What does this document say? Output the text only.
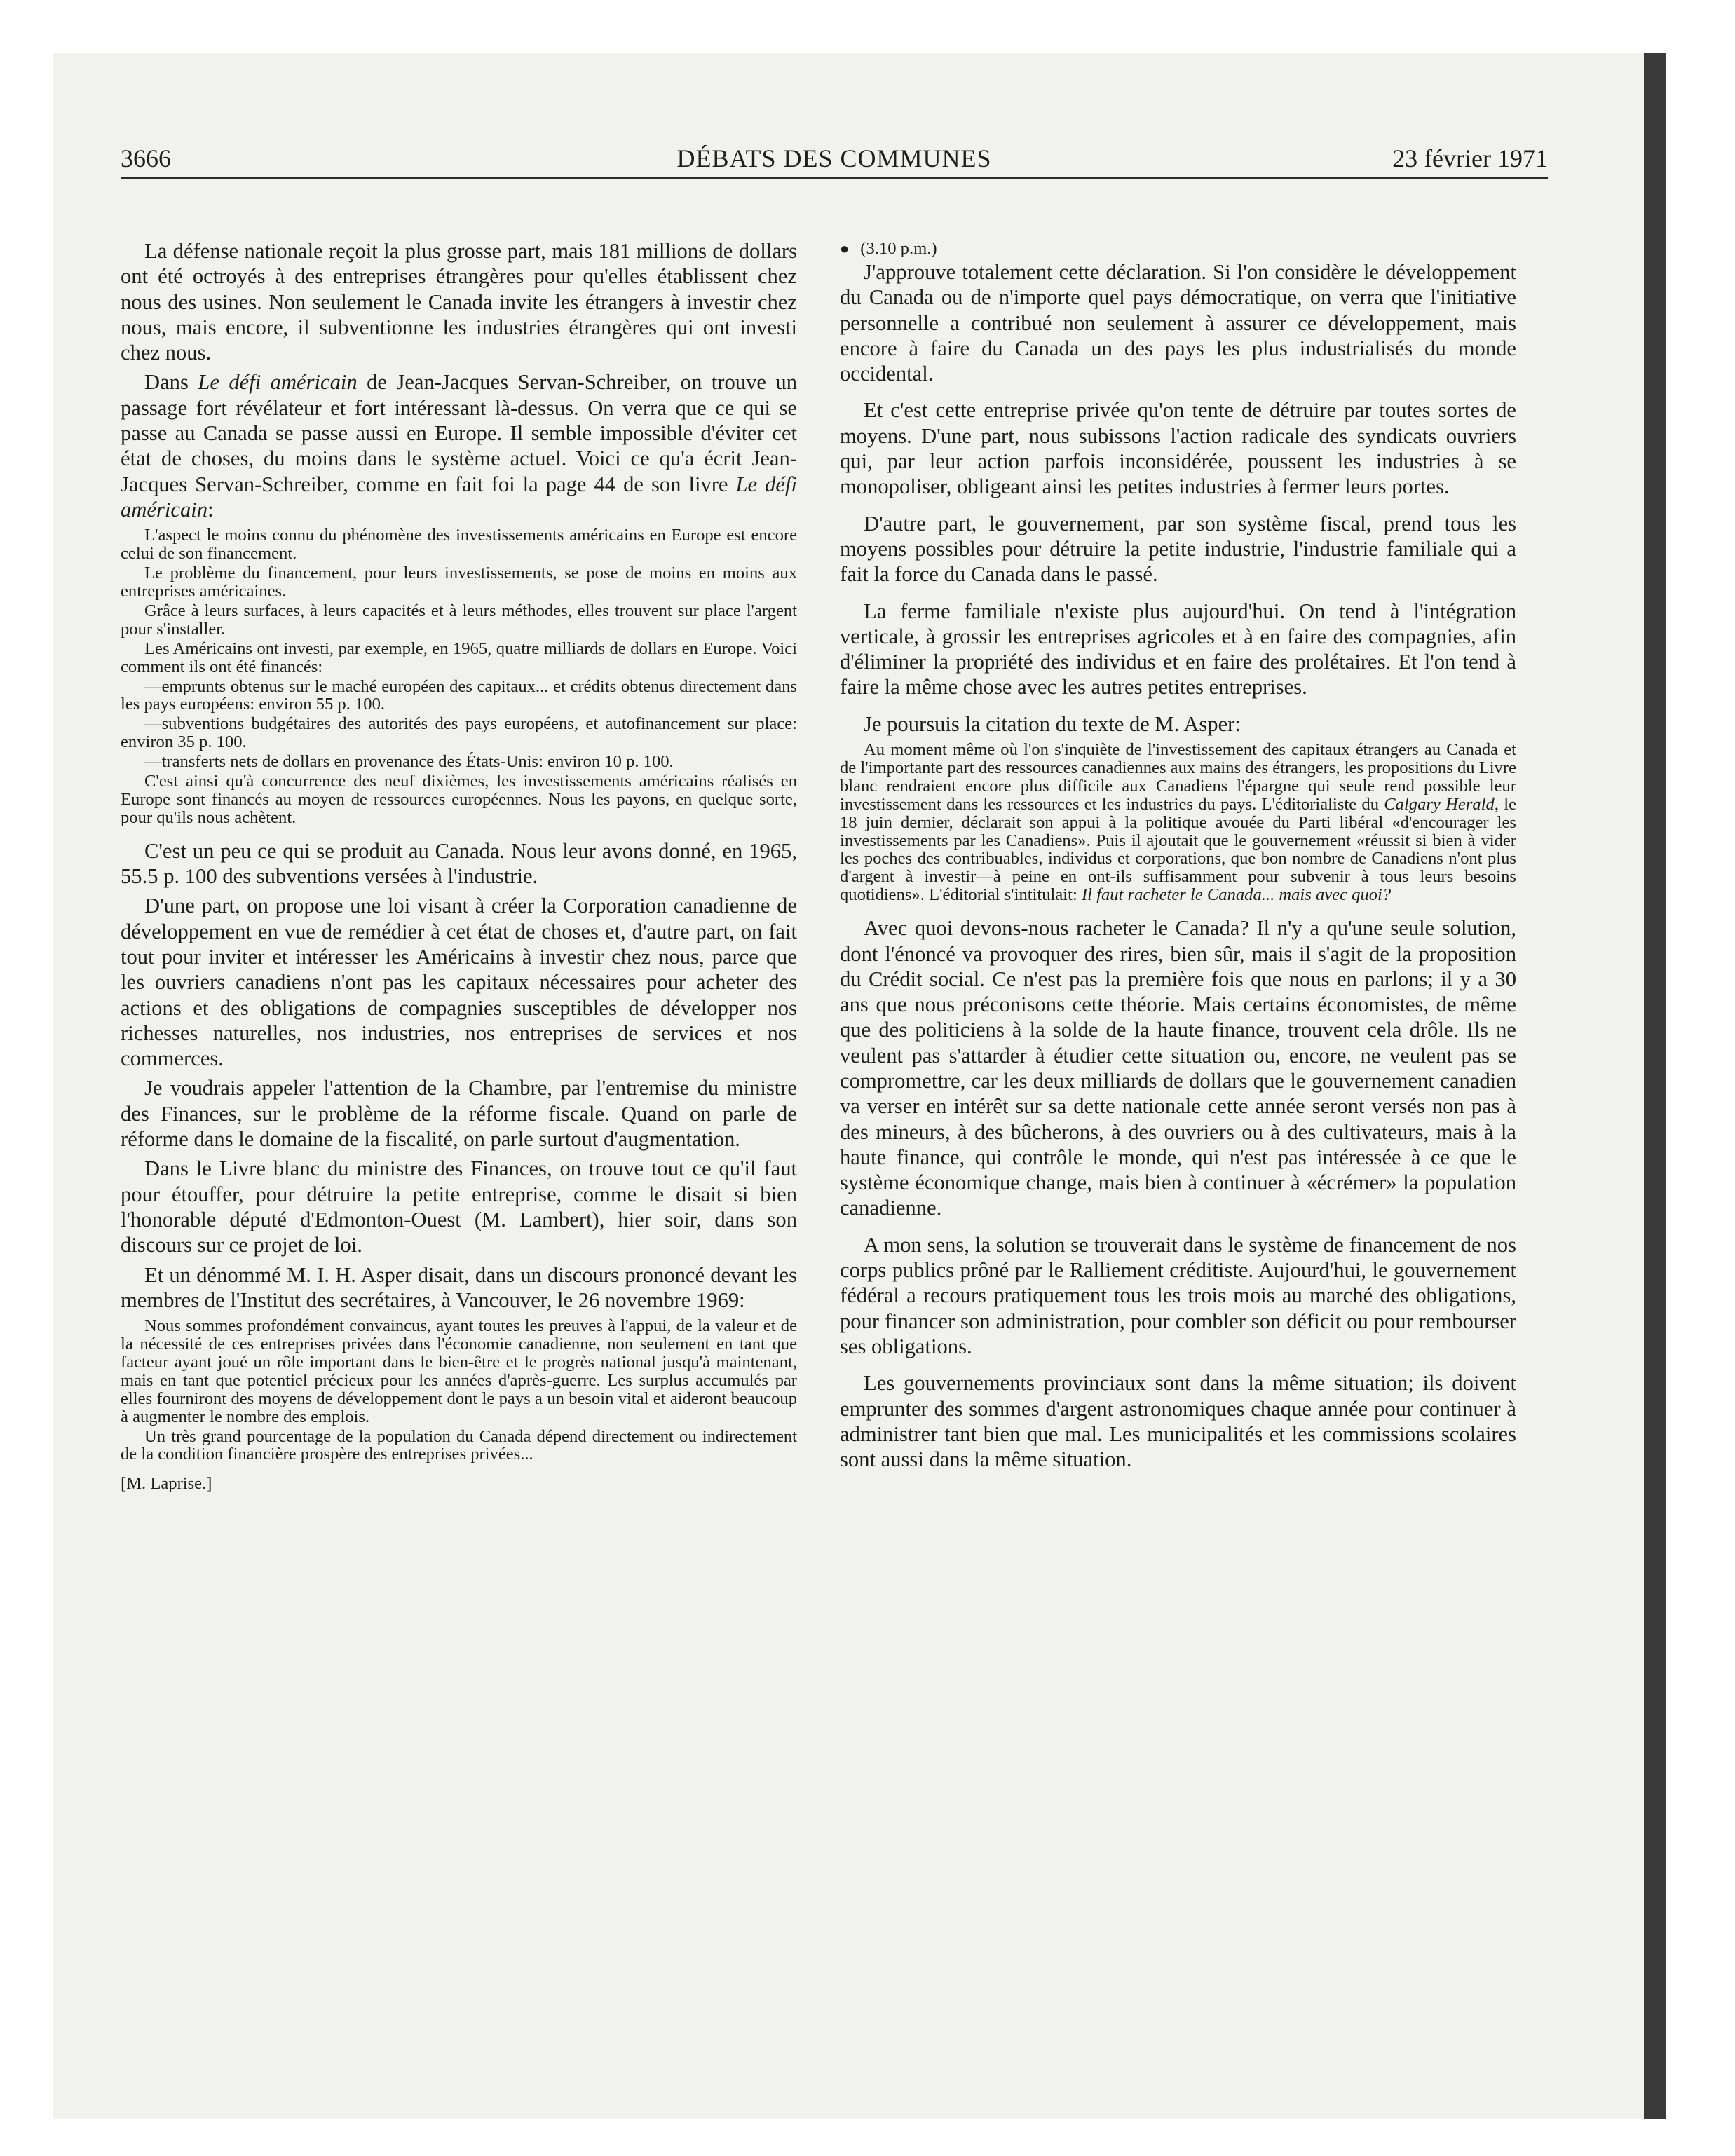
DÉBATS DES COMMUNES
3666	23 février 1971

La défense nationale reçoit la plus grosse part, mais 181 millions de dollars ont été octroyés à des entreprises étrangères pour qu'elles établissent chez nous des usines. Non seulement le Canada invite les étrangers à investir chez nous, mais encore, il subventionne les industries étrangères qui ont investi chez nous.

Dans Le défi américain de Jean-Jacques Servan-Schreiber, on trouve un passage fort révélateur et fort intéressant là-dessus. On verra que ce qui se passe au Canada se passe aussi en Europe. Il semble impossible d'éviter cet état de choses, du moins dans le système actuel. Voici ce qu'a écrit Jean-Jacques Servan-Schreiber, comme en fait foi la page 44 de son livre Le défi américain:

L'aspect le moins connu du phénomène des investissements américains en Europe est encore celui de son financement.

Le problème du financement, pour leurs investissements, se pose de moins en moins aux entreprises américaines.

Grâce à leurs surfaces, à leurs capacités et à leurs méthodes, elles trouvent sur place l'argent pour s'installer.

Les Américains ont investi, par exemple, en 1965, quatre milliards de dollars en Europe. Voici comment ils ont été financés:

—emprunts obtenus sur le maché européen des capitaux... et crédits obtenus directement dans les pays européens: environ 55 p. 100.

—subventions budgétaires des autorités des pays européens, et autofinancement sur place: environ 35 p. 100.

—transferts nets de dollars en provenance des États-Unis: environ 10 p. 100.

C'est ainsi qu'à concurrence des neuf dixièmes, les investissements américains réalisés en Europe sont financés au moyen de ressources européennes. Nous les payons, en quelque sorte, pour qu'ils nous achètent.

C'est un peu ce qui se produit au Canada. Nous leur avons donné, en 1965, 55.5 p. 100 des subventions versées à l'industrie.

D'une part, on propose une loi visant à créer la Corporation canadienne de développement en vue de remédier à cet état de choses et, d'autre part, on fait tout pour inviter et intéresser les Américains à investir chez nous, parce que les ouvriers canadiens n'ont pas les capitaux nécessaires pour acheter des actions et des obligations de compagnies susceptibles de développer nos richesses naturelles, nos industries, nos entreprises de services et nos commerces.

Je voudrais appeler l'attention de la Chambre, par l'entremise du ministre des Finances, sur le problème de la réforme fiscale. Quand on parle de réforme dans le domaine de la fiscalité, on parle surtout d'augmentation.

Dans le Livre blanc du ministre des Finances, on trouve tout ce qu'il faut pour étouffer, pour détruire la petite entreprise, comme le disait si bien l'honorable député d'Edmonton-Ouest (M. Lambert), hier soir, dans son discours sur ce projet de loi.

Et un dénommé M. I. H. Asper disait, dans un discours prononcé devant les membres de l'Institut des secrétaires, à Vancouver, le 26 novembre 1969:

Nous sommes profondément convaincus, ayant toutes les preuves à l'appui, de la valeur et de la nécessité de ces entreprises privées dans l'économie canadienne, non seulement en tant que facteur ayant joué un rôle important dans le bien-être et le progrès national jusqu'à maintenant, mais en tant que potentiel précieux pour les années d'après-guerre. Les surplus accumulés par elles fourniront des moyens de développement dont le pays a un besoin vital et aideront beaucoup à augmenter le nombre des emplois.

Un très grand pourcentage de la population du Canada dépend directement ou indirectement de la condition financière prospère des entreprises privées...

[M. Laprise.]

● (3.10 p.m.)

J'approuve totalement cette déclaration. Si l'on considère le développement du Canada ou de n'importe quel pays démocratique, on verra que l'initiative personnelle a contribué non seulement à assurer ce développement, mais encore à faire du Canada un des pays les plus industrialisés du monde occidental.

Et c'est cette entreprise privée qu'on tente de détruire par toutes sortes de moyens. D'une part, nous subissons l'action radicale des syndicats ouvriers qui, par leur action parfois inconsidérée, poussent les industries à se monopoliser, obligeant ainsi les petites industries à fermer leurs portes.

D'autre part, le gouvernement, par son système fiscal, prend tous les moyens possibles pour détruire la petite industrie, l'industrie familiale qui a fait la force du Canada dans le passé.

La ferme familiale n'existe plus aujourd'hui. On tend à l'intégration verticale, à grossir les entreprises agricoles et à en faire des compagnies, afin d'éliminer la propriété des individus et en faire des prolétaires. Et l'on tend à faire la même chose avec les autres petites entreprises.

Je poursuis la citation du texte de M. Asper:

Au moment même où l'on s'inquiète de l'investissement des capitaux étrangers au Canada et de l'importante part des ressources canadiennes aux mains des étrangers, les propositions du Livre blanc rendraient encore plus difficile aux Canadiens l'épargne qui seule rend possible leur investissement dans les ressources et les industries du pays. L'éditorialiste du Calgary Herald, le 18 juin dernier, déclarait son appui à la politique avouée du Parti libéral «d'encourager les investissements par les Canadiens». Puis il ajoutait que le gouvernement «réussit si bien à vider les poches des contribuables, individus et corporations, que bon nombre de Canadiens n'ont plus d'argent à investir—à peine en ont-ils suffisamment pour subvenir à tous leurs besoins quotidiens». L'éditorial s'intitulait: Il faut racheter le Canada... mais avec quoi?

Avec quoi devons-nous racheter le Canada? Il n'y a qu'une seule solution, dont l'énoncé va provoquer des rires, bien sûr, mais il s'agit de la proposition du Crédit social. Ce n'est pas la première fois que nous en parlons; il y a 30 ans que nous préconisons cette théorie. Mais certains économistes, de même que des politiciens à la solde de la haute finance, trouvent cela drôle. Ils ne veulent pas s'attarder à étudier cette situation ou, encore, ne veulent pas se compromettre, car les deux milliards de dollars que le gouvernement canadien va verser en intérêt sur sa dette nationale cette année seront versés non pas à des mineurs, à des bûcherons, à des ouvriers ou à des cultivateurs, mais à la haute finance, qui contrôle le monde, qui n'est pas intéressée à ce que le système économique change, mais bien à continuer à «écrémer» la population canadienne.

A mon sens, la solution se trouverait dans le système de financement de nos corps publics prôné par le Ralliement créditiste. Aujourd'hui, le gouvernement fédéral a recours pratiquement tous les trois mois au marché des obligations, pour financer son administration, pour combler son déficit ou pour rembourser ses obligations.

Les gouvernements provinciaux sont dans la même situation; ils doivent emprunter des sommes d'argent astronomiques chaque année pour continuer à administrer tant bien que mal. Les municipalités et les commissions scolaires sont aussi dans la même situation.
